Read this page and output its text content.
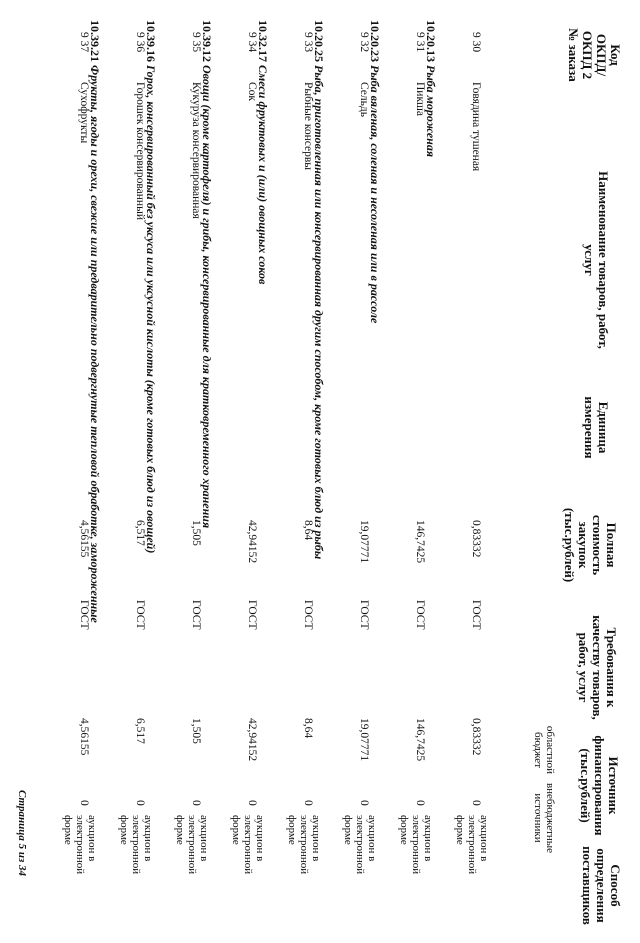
Код
ОКПД/
ОКПД 2
№ заказа
Наименование товаров, работ, услуг
Единица измерения
Полная стоимость закупок (тыс.рублей)
Требования к качеству товаров, работ, услуг
Источник финансирования (тыс.рублей)
областной бюджет
внебюджетные источники
Способ определения поставщиков
9 30
Говядина тушеная
0,83332
ГОСТ
0,83332
0
аукцион в электронной форме
10.20.13 Рыба мороженая
9 31
Пикша
146,7425
ГОСТ
146,7425
0
аукцион в электронной форме
10.20.23 Рыба вяленая, соленая и несоленая или в рассоле
9 32
Сельдь
19,07771
ГОСТ
19,07771
0
аукцион в электронной форме
10.20.25 Рыба, приготовленная или консервированная другим способом, кроме готовых блюд из рыбы
9 33
Рыбные консервы
8,64
ГОСТ
8,64
0
аукцион в электронной форме
10.32.17 Смеси фруктовых и (или) овощных соков
9 34
Сок
42,94152
ГОСТ
42,94152
0
аукцион в электронной форме
10.39.12 Овощи (кроме картофеля) и грибы, консервированные для кратковременного хранения
9 35
Кукуруза консервированная
1,505
ГОСТ
1,505
0
аукцион в электронной форме
10.39.16 Горох, консервированный без уксуса или уксусной кислоты (кроме готовых блюд из овощей)
9 36
Горошек консервированный
6,517
ГОСТ
6,517
0
аукцион в электронной форме
10.39.21 Фрукты, ягоды и орехи, свежие или предварительно подвергнутые тепловой обработке, замороженные
9 37
Сухофрукты
4,56155
ГОСТ
4,56155
0
аукцион в электронной форме
Страница 5 из 34
